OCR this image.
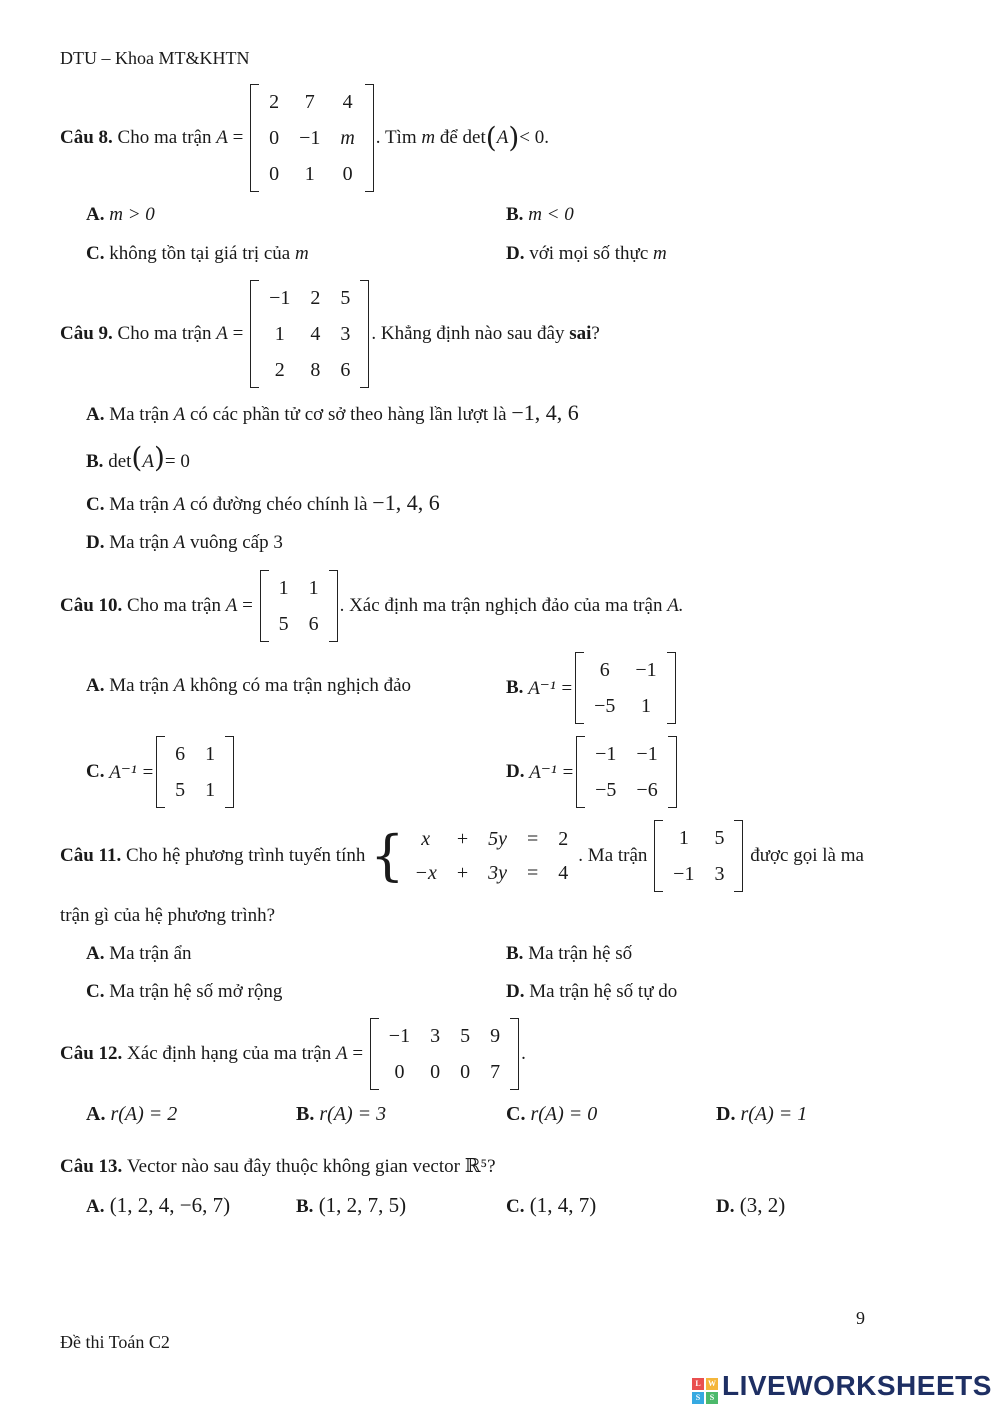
DTU – Khoa MT&KHTN
Câu 8.
Cho ma trận
A =
2	7	4
0	−1	m
0	1	0
. Tìm
m
để det ( A ) < 0.
A. m > 0	B. m < 0
C. không tồn tại giá trị của m	D. với mọi số thực m
Câu 9.
Cho ma trận
A =
−1	2	5
1	4	3
2	8	6
. Khẳng định nào sau đây
sai ?
A. Ma trận A có các phần tử cơ sở theo hàng lần lượt là −1, 4, 6
B. det(A)= 0
C. Ma trận A có đường chéo chính là −1, 4, 6
D. Ma trận A vuông cấp 3
Câu 10.
Cho ma trận
A =
1	1
5	6
. Xác định ma trận nghịch đảo của ma trận
A.
A. Ma trận A không có ma trận nghịch đảo	B.
A⁻¹ =
6	−1
−5	1
C.
A⁻¹ =
6	1
5	1
D.
A⁻¹ =
−1	−1
−5	−6
Câu 11.
Cho hệ phương trình tuyến tính
{ x	+	5y	=	2
−x	+	3y	=	4
. Ma trận

1	5
−1	3

được gọi là ma
trận gì của hệ phương trình?
A. Ma trận ẩn	B. Ma trận hệ số
C. Ma trận hệ số mở rộng	D. Ma trận hệ số tự do
Câu 12.
Xác định hạng của ma trận
A =
−1	3	5	9
0	0	0	7
.
A. r(A) = 2	B. r(A) = 3	C. r(A) = 0	D. r(A) = 1
Câu 13. Vector nào sau đây thuộc không gian vector ℝ⁵?
A. (1, 2, 4, −6, 7)	B. (1, 2, 7, 5)	C. (1, 4, 7)	D. (3, 2)
9
Đề thi Toán C2
L W
S	S LIVEWORKSHEETS
